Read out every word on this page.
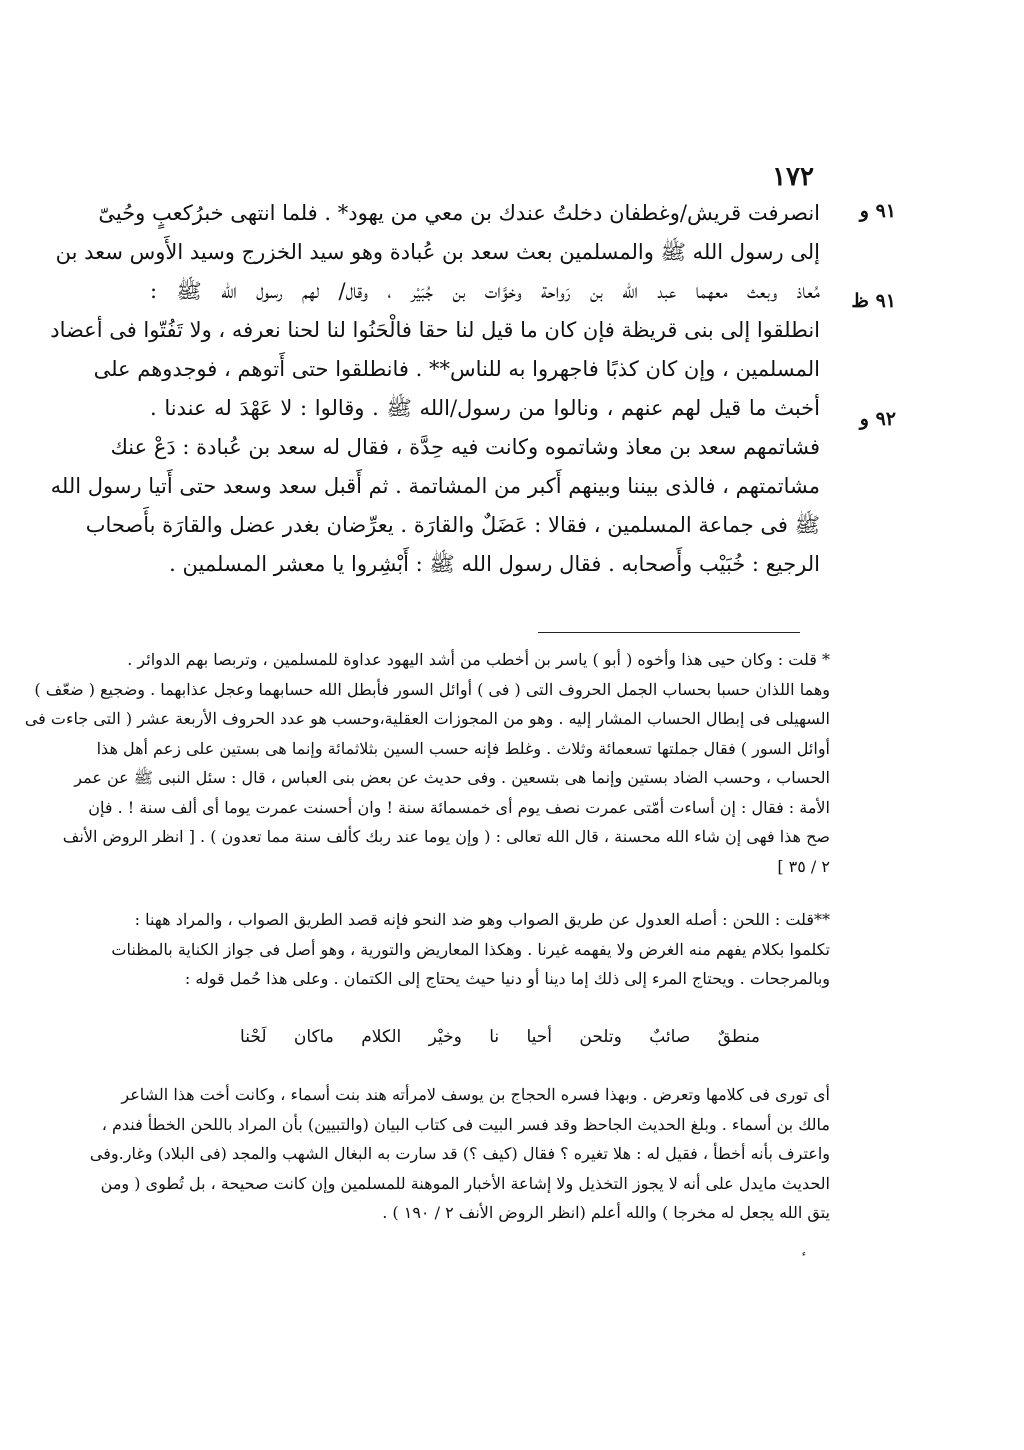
١٧٢
٩١ و
٩١ ظ
٩٢ و
انصرفت قريش/وغطفان دخلتُ عندك بن معي من يهود* . فلما انتهى خبرُكعبٍ وحُيىّ
إلى رسول الله ﷺ والمسلمين بعث سعد بن عُبادة وهو سيد الخزرج وسيد الأَوس سعد بن
مُعاذ وبعث معهما عبد الله بن رَواحة وخوَّات بن جُبَيْر ، وقال/ لهم رسول الله ﷺ :
انطلقوا إلى بنى قريظة فإن كان ما قيل لنا حقا فالْحَنُوا لنا لحنا نعرفه ، ولا تَفُتّوا فى أعضاد
المسلمين ، وإن كان كذبًا فاجهروا به للناس** . فانطلقوا حتى أَتوهم ، فوجدوهم على
أخبث ما قيل لهم عنهم ، ونالوا من رسول/الله ﷺ . وقالوا : لا عَهْدَ له عندنا .
فشاتمهم سعد بن معاذ وشاتموه وكانت فيه حِدَّة ، فقال له سعد بن عُبادة : دَعْ عنك
مشاتمتهم ، فالذى بيننا وبينهم أَكبر من المشاتمة . ثم أَقبل سعد وسعد حتى أَتيا رسول الله
ﷺ فى جماعة المسلمين ، فقالا : عَضَلٌ والقارَة . يعرِّضان بغدر عضل والقارَة بأَصحاب
الرجيع : خُبَيْب وأَصحابه . فقال رسول الله ﷺ : أَبْشِروا يا معشر المسلمين .
* قلت : وكان حيى هذا وأخوه ( أبو ) ياسر بن أخطب من أشد اليهود عداوة للمسلمين ، وتربصا بهم الدوائر .
وهما اللذان حسبا بحساب الجمل الحروف التى ( فى ) أوائل السور فأبطل الله حسابهما وعجل عذابهما . وضجيع ( ضعّف )
السهيلى فى إبطال الحساب المشار إليه . وهو من المجوزات العقلية،وحسب هو عدد الحروف الأربعة عشر ( التى جاءت فى
أوائل السور ) فقال جملتها تسعمائة وثلاث . وغلط فإنه حسب السين بثلاثمائة وإنما هى بستين على زعم أهل هذا
الحساب ، وحسب الضاد بستين وإنما هى بتسعين . وفى حديث عن بعض بنى العباس ، قال : سئل النبى ﷺ عن عمر
الأمة : فقال : إن أساءت أمّتى عمرت نصف يوم أى خمسمائة سنة ! وان أحسنت عمرت يوما أى ألف سنة ! . فإن
صح هذا فهى إن شاء الله محسنة ، قال الله تعالى : ( وإن يوما عند ربك كألف سنة مما تعدون ) . [ انظر الروض الأنف
٢ / ٣٥ ]
**قلت : اللحن : أصله العدول عن طريق الصواب وهو ضد النحو فإنه قصد الطريق الصواب ، والمراد ههنا :
تكلموا بكلام يفهم منه الغرض ولا يفهمه غيرنا . وهكذا المعاريض والتورية ، وهو أصل فى جواز الكناية بالمظنات
وبالمرجحات . ويحتاج المرء إلى ذلك إما دينا أو دنيا حيث يحتاج إلى الكتمان . وعلى هذا حُمل قوله :
منطقٌ
صائبٌ
وتلحن
أحيا
نا
وخيْر
الكلام
ماكان
لَحْنا
أى تورى فى كلامها وتعرض . وبهذا فسره الحجاج بن يوسف لامرأته هند بنت أسماء ، وكانت أخت هذا الشاعر
مالك بن أسماء . وبلغ الحديث الجاحظ وقد فسر البيت فى كتاب البيان (والتبيين) بأن المراد باللحن الخطأ فندم ،
واعترف بأنه أخطأ ، فقيل له : هلا تغيره ؟ فقال (كيف ؟) قد سارت به البغال الشهب والمجد (فى البلاد) وغار.وفى
الحديث مايدل على أنه لا يجوز التخذيل ولا إشاعة الأخبار الموهنة للمسلمين وإن كانت صحيحة ، بل تُطوى ( ومن
يتق الله يجعل له مخرجا ) والله أعلم (انظر الروض الأنف ٢ / ١٩٠ ) .
